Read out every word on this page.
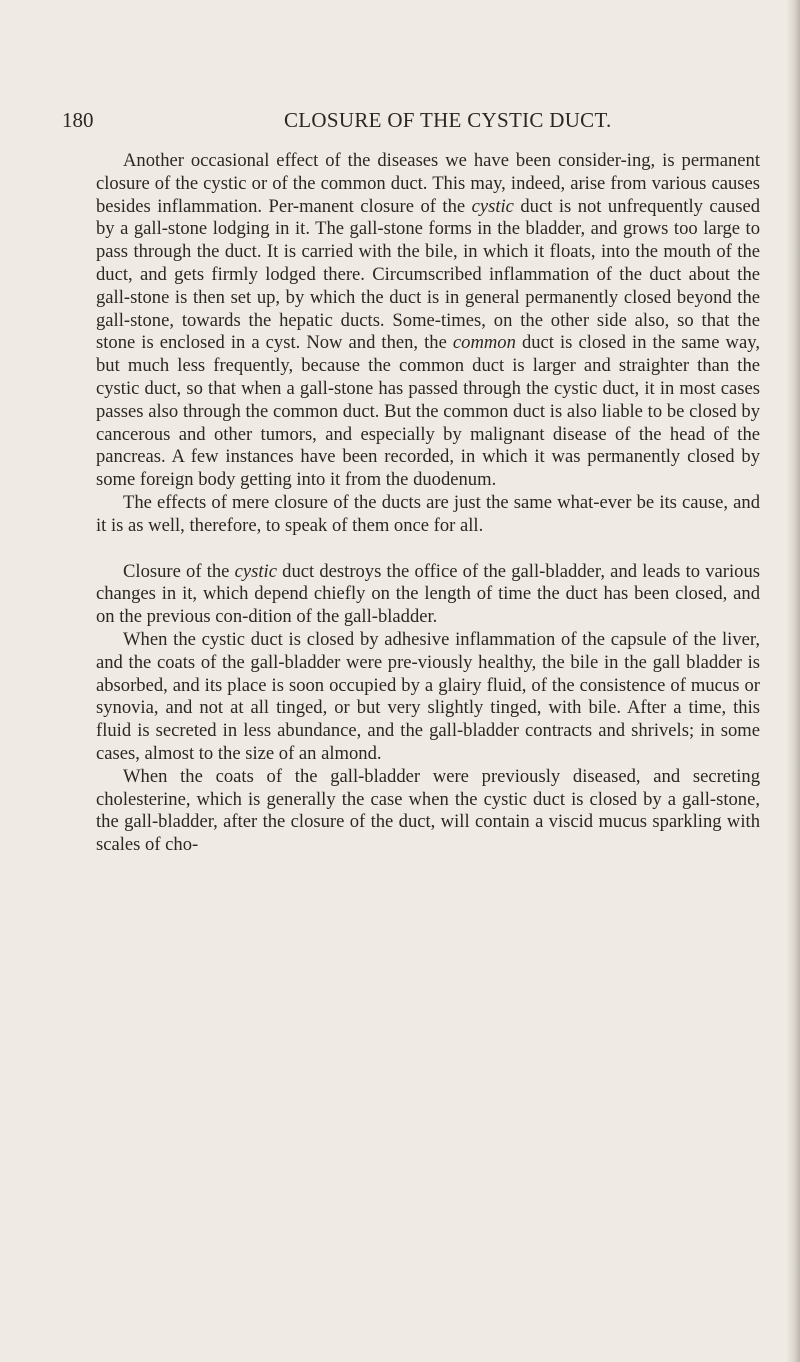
180	CLOSURE OF THE CYSTIC DUCT.

Another occasional effect of the diseases we have been consider-ing, is permanent closure of the cystic or of the common duct. This may, indeed, arise from various causes besides inflammation. Per-manent closure of the cystic duct is not unfrequently caused by a gall-stone lodging in it. The gall-stone forms in the bladder, and grows too large to pass through the duct. It is carried with the bile, in which it floats, into the mouth of the duct, and gets firmly lodged there. Circumscribed inflammation of the duct about the gall-stone is then set up, by which the duct is in general permanently closed beyond the gall-stone, towards the hepatic ducts. Some-times, on the other side also, so that the stone is enclosed in a cyst. Now and then, the common duct is closed in the same way, but much less frequently, because the common duct is larger and straighter than the cystic duct, so that when a gall-stone has passed through the cystic duct, it in most cases passes also through the common duct. But the common duct is also liable to be closed by cancerous and other tumors, and especially by malignant disease of the head of the pancreas. A few instances have been recorded, in which it was permanently closed by some foreign body getting into it from the duodenum.

The effects of mere closure of the ducts are just the same what-ever be its cause, and it is as well, therefore, to speak of them once for all.

Closure of the cystic duct destroys the office of the gall-bladder, and leads to various changes in it, which depend chiefly on the length of time the duct has been closed, and on the previous con-dition of the gall-bladder.

When the cystic duct is closed by adhesive inflammation of the capsule of the liver, and the coats of the gall-bladder were pre-viously healthy, the bile in the gall bladder is absorbed, and its place is soon occupied by a glairy fluid, of the consistence of mucus or synovia, and not at all tinged, or but very slightly tinged, with bile. After a time, this fluid is secreted in less abundance, and the gall-bladder contracts and shrivels; in some cases, almost to the size of an almond.

When the coats of the gall-bladder were previously diseased, and secreting cholesterine, which is generally the case when the cystic duct is closed by a gall-stone, the gall-bladder, after the closure of the duct, will contain a viscid mucus sparkling with scales of cho-
